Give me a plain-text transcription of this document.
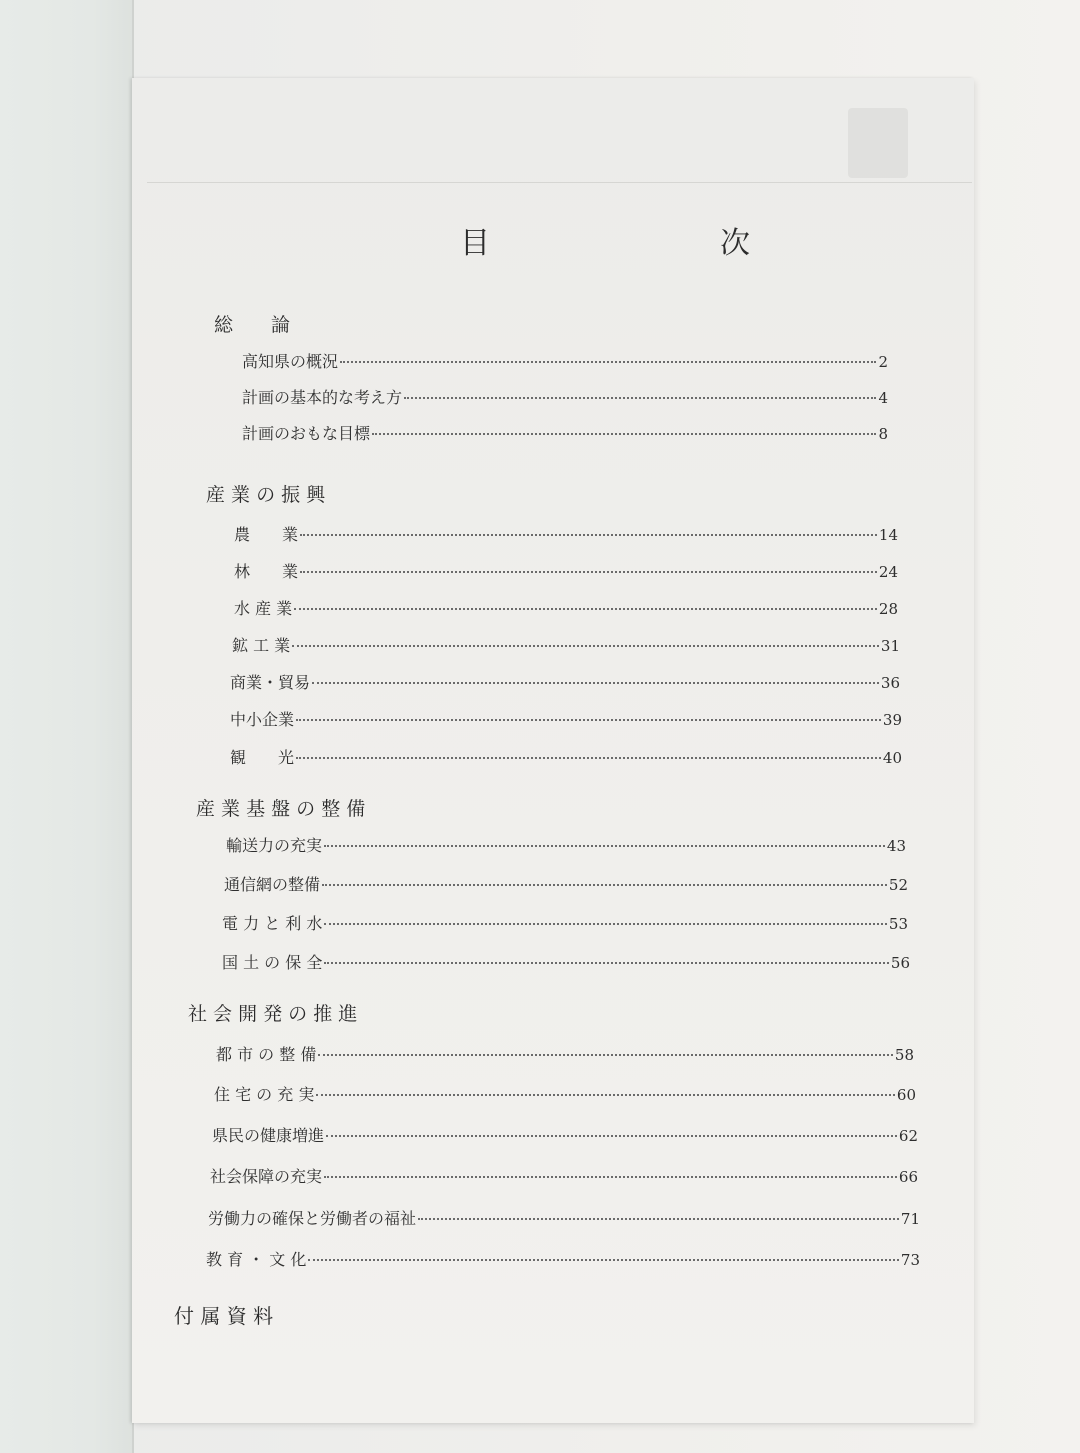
目　次
総　　論
高知県の概況	2
計画の基本的な考え方	4
計画のおもな目標	8
産 業 の 振 興
農　　業	14
林　　業	24
水 産 業	28
鉱 工 業	31
商業・貿易	36
中小企業	39
観　　光	40
産 業 基 盤 の 整 備
輸送力の充実	43
通信網の整備	52
電 力 と 利 水	53
国 土 の 保 全	56
社 会 開 発 の 推 進
都 市 の 整 備	58
住 宅 の 充 実	60
県民の健康増進	62
社会保障の充実	66
労働力の確保と労働者の福祉	71
教 育 ・ 文 化	73
付 属 資 料
